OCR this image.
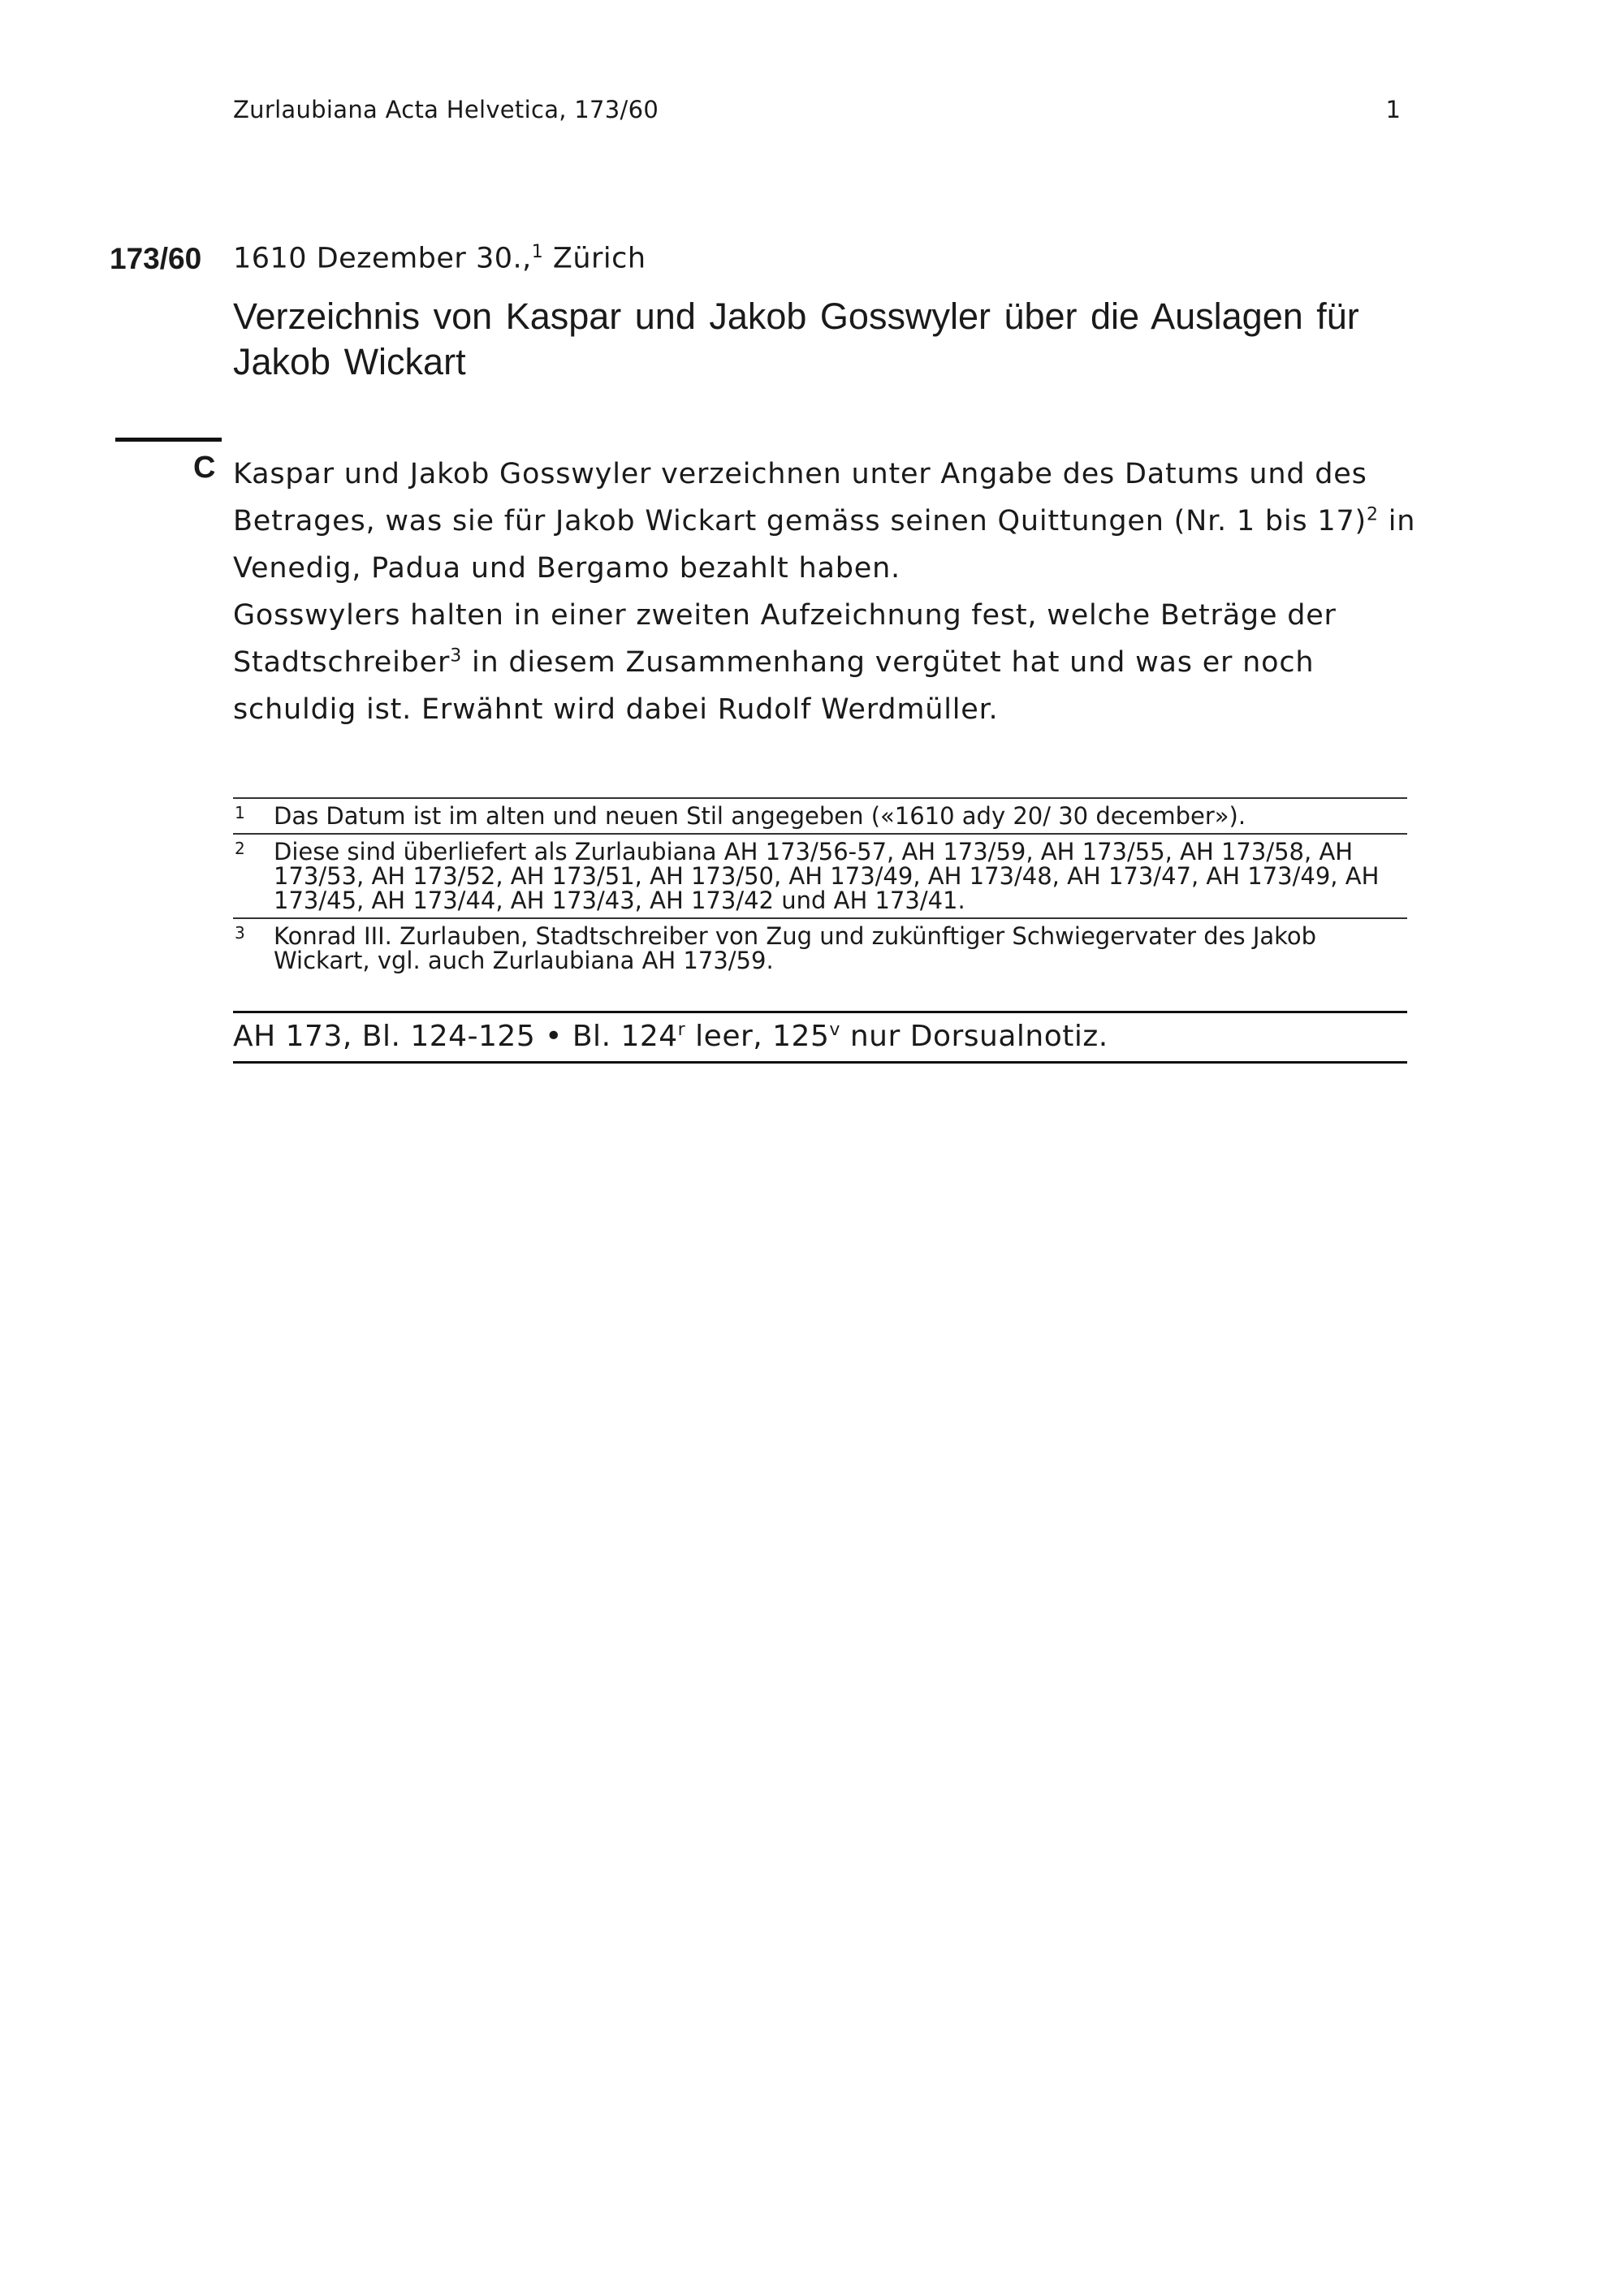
Zurlaubiana Acta Helvetica, 173/60	1
173/60 1610 Dezember 30.,$^1$ Zürich
Verzeichnis von Kaspar und Jakob Gosswyler über die Auslagen für Jakob Wickart
C Kaspar und Jakob Gosswyler verzeichnen unter Angabe des Datums und des Betrages, was sie für Jakob Wickart gemäss seinen Quittungen (Nr. 1 bis 17)$^2$ in Venedig, Padua und Bergamo bezahlt haben.

Gosswylers halten in einer zweiten Aufzeichnung fest, welche Beträge der Stadtschreiber$^3$ in diesem Zusammenhang vergütet hat und was er noch schuldig ist. Erwähnt wird dabei Rudolf Werdmüller.

1 Das Datum ist im alten und neuen Stil angegeben («1610 ady 20/ 30 december»).
2 Diese sind überliefert als Zurlaubiana AH 173/56-57, AH 173/59, AH 173/55, AH 173/58, AH 173/53, AH 173/52, AH 173/51, AH 173/50, AH 173/49, AH 173/48, AH 173/47, AH 173/49, AH 173/45, AH 173/44, AH 173/43, AH 173/42 und AH 173/41.
3 Konrad III. Zurlauben, Stadtschreiber von Zug und zukünftiger Schwiegervater des Jakob Wickart, vgl. auch Zurlaubiana AH 173/59.
AH 173, Bl. 124-125 • Bl. 124$^r$ leer, 125$^v$ nur Dorsualnotiz.
